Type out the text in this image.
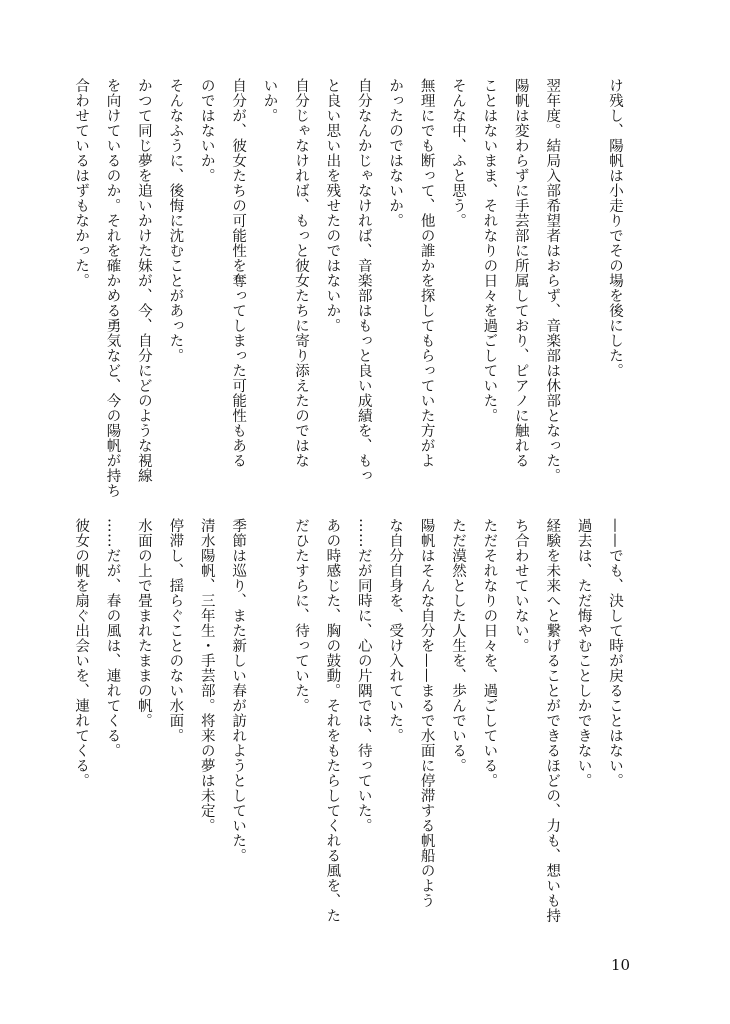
け残し、陽帆は小走りでその場を後にした。

翌年度。結局入部希望者はおらず、音楽部は休部となった。
陽帆は変わらずに手芸部に所属しており、ピアノに触れる
ことはないまま、それなりの日々を過ごしていた。
そんな中、ふと思う。
無理にでも断って、他の誰かを探してもらっていた方がよ
かったのではないか。
自分なんかじゃなければ、音楽部はもっと良い成績を、もっ
と良い思い出を残せたのではないか。
自分じゃなければ、もっと彼女たちに寄り添えたのではな
いか。
自分が、彼女たちの可能性を奪ってしまった可能性もある
のではないか。
そんなふうに、後悔に沈むことがあった。
かつて同じ夢を追いかけた妹が、今、自分にどのような視線
を向けているのか。それを確かめる勇気など、今の陽帆が持ち
合わせているはずもなかった。
——でも、決して時が戻ることはない。
過去は、ただ悔やむことしかできない。
経験を未来へと繋げることができるほどの、力も、想いも持
ち合わせていない。
ただそれなりの日々を、過ごしている。
ただ漠然とした人生を、歩んでいる。
陽帆はそんな自分を——まるで水面に停滞する帆船のよう
な自分自身を、受け入れていた。
……だが同時に、心の片隅では、待っていた。
あの時感じた、胸の鼓動。それをもたらしてくれる風を、た
だひたすらに、待っていた。

季節は巡り、また新しい春が訪れようとしていた。
清水陽帆、三年生・手芸部。将来の夢は未定。
停滞し、揺らぐことのない水面。
水面の上で畳まれたままの帆。
……だが、春の風は、連れてくる。
彼女の帆を扇ぐ出会いを、連れてくる。
10
